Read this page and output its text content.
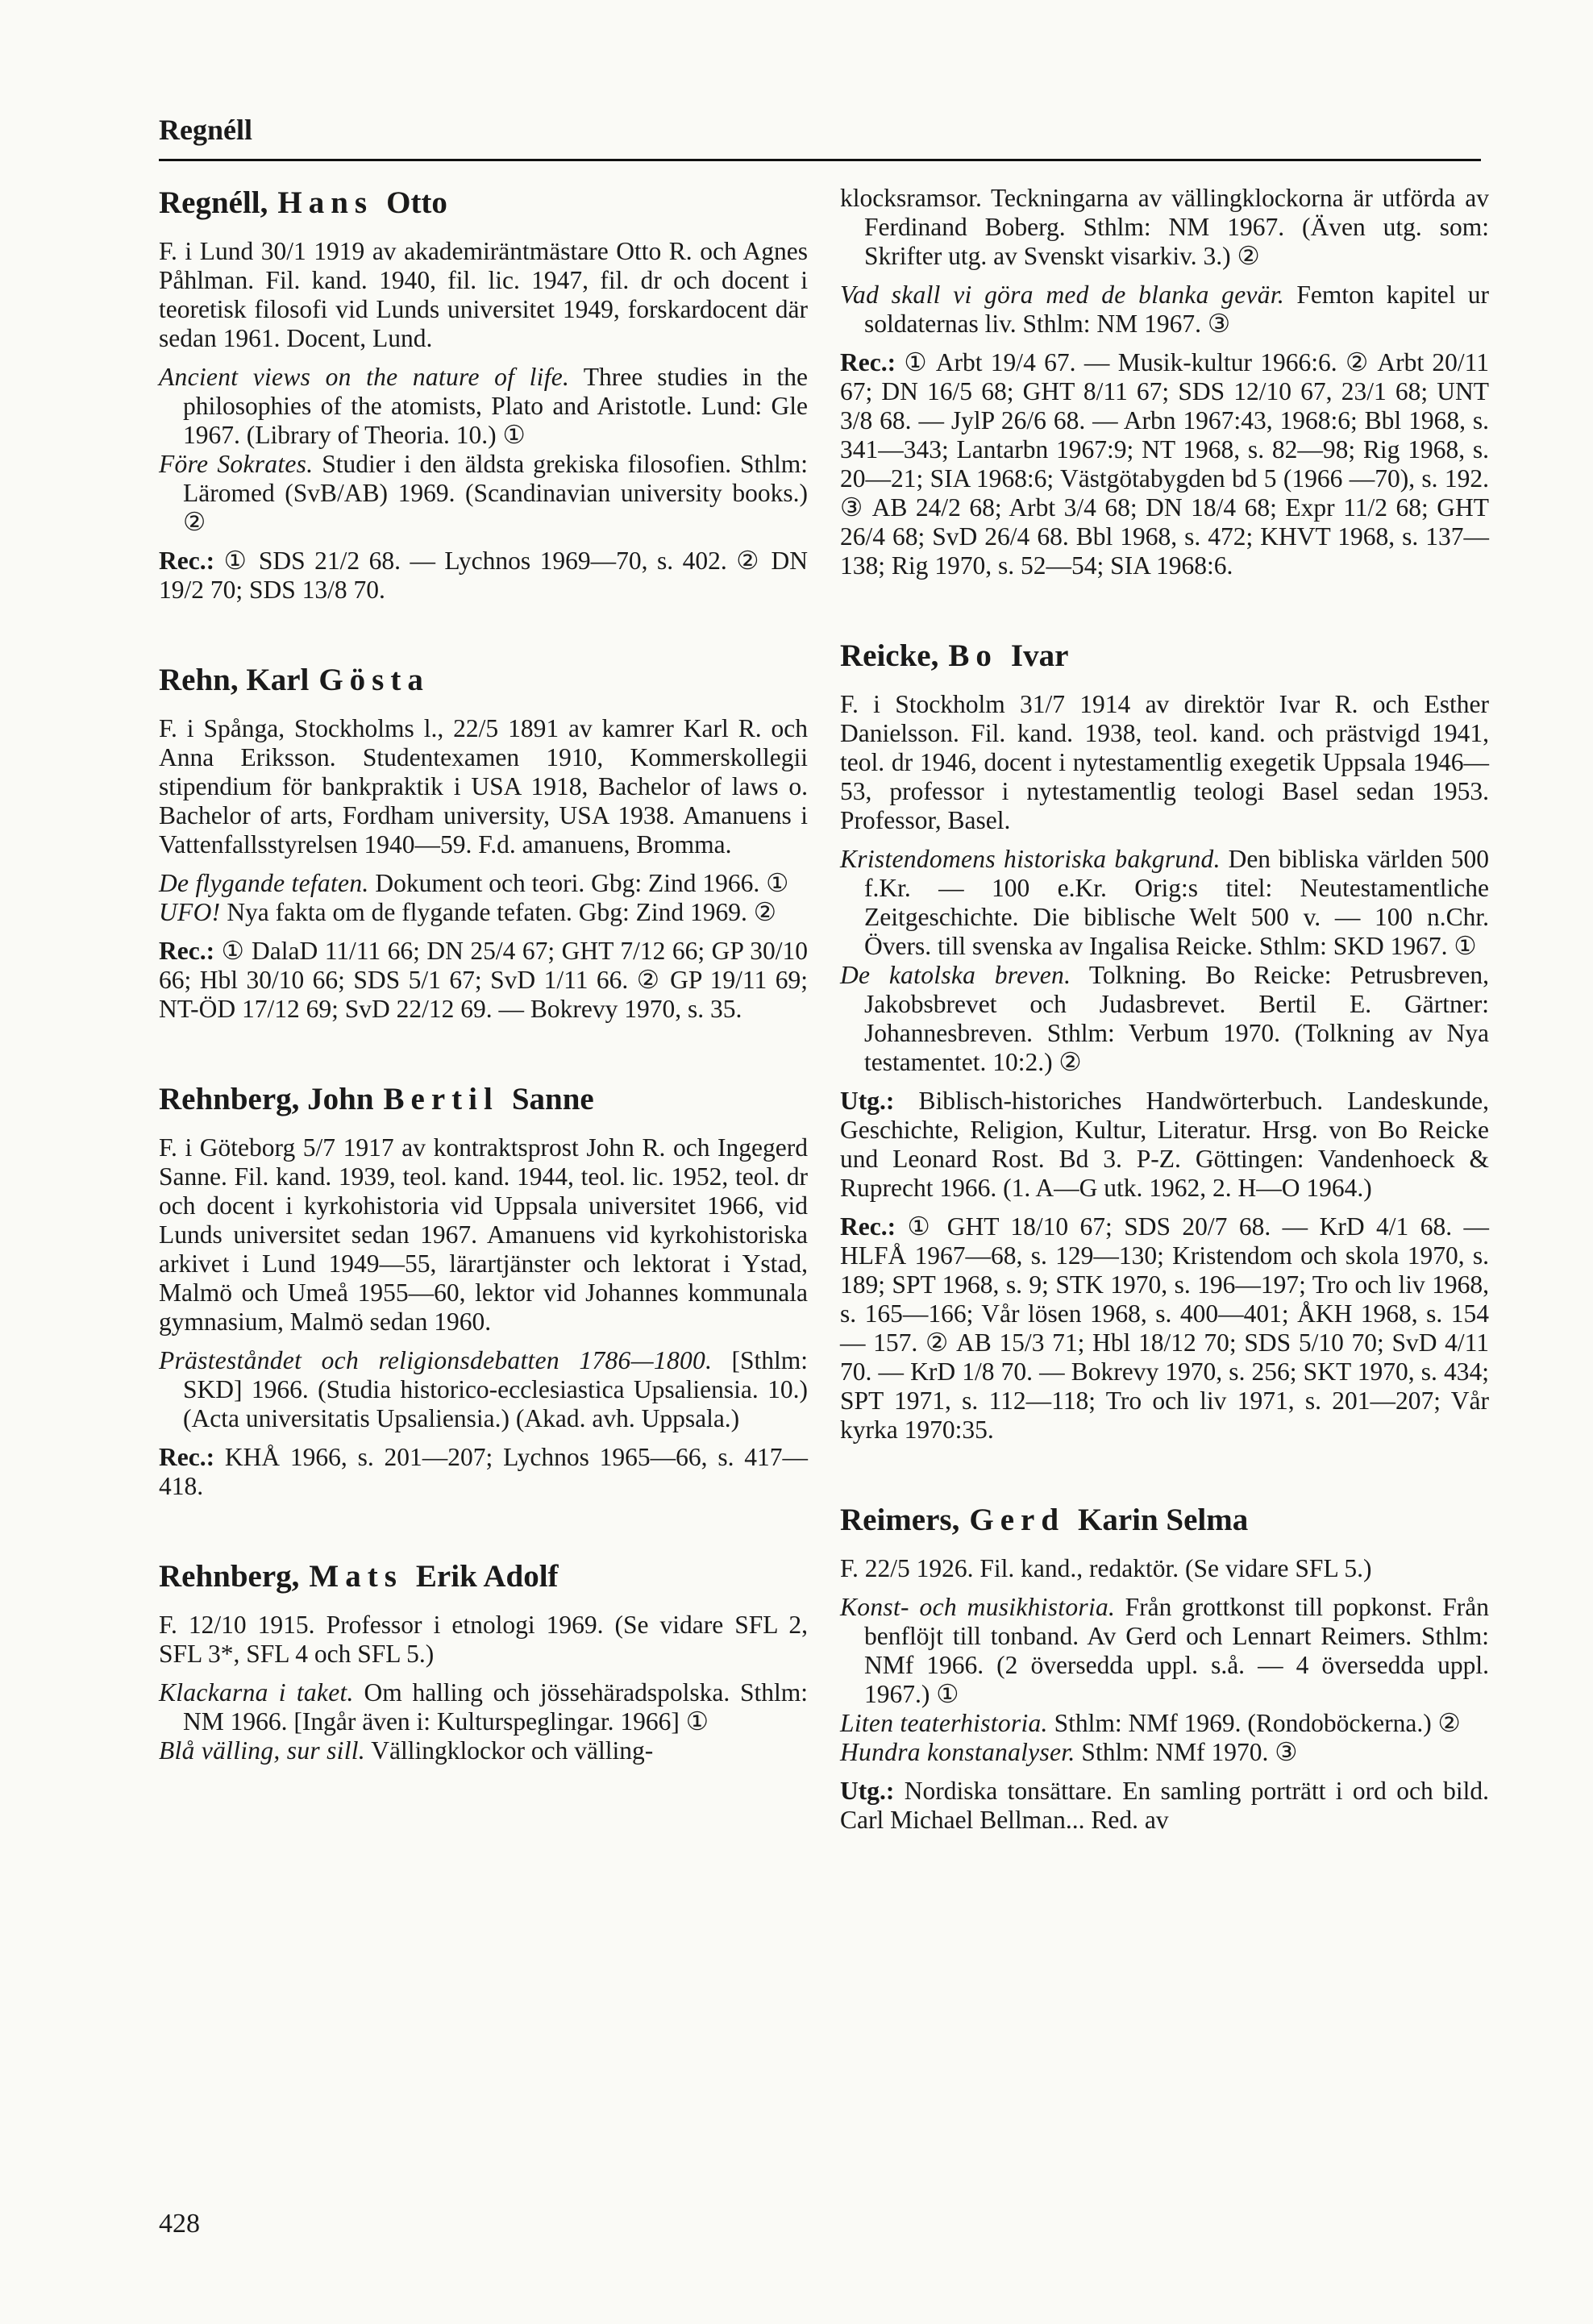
Regnéll
Regnéll, Hans Otto

F. i Lund 30/1 1919 av akademiräntmästare Otto R. och Agnes Påhlman. Fil. kand. 1940, fil. lic. 1947, fil. dr och docent i teoretisk filosofi vid Lunds universitet 1949, forskardocent där sedan 1961. Docent, Lund.

Ancient views on the nature of life. Three studies in the philosophies of the atomists, Plato and Aristotle. Lund: Gle 1967. (Library of Theoria. 10.) ①

Före Sokrates. Studier i den äldsta grekiska filosofien. Sthlm: Läromed (SvB/AB) 1969. (Scandinavian university books.) ②

Rec.: ① SDS 21/2 68. — Lychnos 1969—70, s. 402. ② DN 19/2 70; SDS 13/8 70.

Rehn, Karl Gösta

F. i Spånga, Stockholms l., 22/5 1891 av kamrer Karl R. och Anna Eriksson. Studentexamen 1910, Kommerskollegii stipendium för bankpraktik i USA 1918, Bachelor of laws o. Bachelor of arts, Fordham university, USA 1938. Amanuens i Vattenfallsstyrelsen 1940—59. F.d. amanuens, Bromma.

De flygande tefaten. Dokument och teori. Gbg: Zind 1966. ①

UFO! Nya fakta om de flygande tefaten. Gbg: Zind 1969. ②

Rec.: ① DalaD 11/11 66; DN 25/4 67; GHT 7/12 66; GP 30/10 66; Hbl 30/10 66; SDS 5/1 67; SvD 1/11 66. ② GP 19/11 69; NT-ÖD 17/12 69; SvD 22/12 69. — Bokrevy 1970, s. 35.

Rehnberg, John Bertil Sanne

F. i Göteborg 5/7 1917 av kontraktsprost John R. och Ingegerd Sanne. Fil. kand. 1939, teol. kand. 1944, teol. lic. 1952, teol. dr och docent i kyrkohistoria vid Uppsala universitet 1966, vid Lunds universitet sedan 1967. Amanuens vid kyrkohistoriska arkivet i Lund 1949—55, lärartjänster och lektorat i Ystad, Malmö och Umeå 1955—60, lektor vid Johannes kommunala gymnasium, Malmö sedan 1960.

Prästeståndet och religionsdebatten 1786—1800. [Sthlm: SKD] 1966. (Studia historico-ecclesiastica Upsaliensia. 10.) (Acta universitatis Upsaliensia.) (Akad. avh. Uppsala.)

Rec.: KHÅ 1966, s. 201—207; Lychnos 1965—66, s. 417—418.

Rehnberg, Mats Erik Adolf

F. 12/10 1915. Professor i etnologi 1969. (Se vidare SFL 2, SFL 3*, SFL 4 och SFL 5.)

Klackarna i taket. Om halling och jössehäradspolska. Sthlm: NM 1966. [Ingår även i: Kulturspeglingar. 1966] ①

Blå välling, sur sill. Vällingklockor och välling-

klocksramsor. Teckningarna av vällingklockorna är utförda av Ferdinand Boberg. Sthlm: NM 1967. (Även utg. som: Skrifter utg. av Svenskt visarkiv. 3.) ②

Vad skall vi göra med de blanka gevär. Femton kapitel ur soldaternas liv. Sthlm: NM 1967. ③

Rec.: ① Arbt 19/4 67. — Musik-kultur 1966:6. ② Arbt 20/11 67; DN 16/5 68; GHT 8/11 67; SDS 12/10 67, 23/1 68; UNT 3/8 68. — JylP 26/6 68. — Arbn 1967:43, 1968:6; Bbl 1968, s. 341—343; Lantarbn 1967:9; NT 1968, s. 82—98; Rig 1968, s. 20—21; SIA 1968:6; Västgötabygden bd 5 (1966 —70), s. 192. ③ AB 24/2 68; Arbt 3/4 68; DN 18/4 68; Expr 11/2 68; GHT 26/4 68; SvD 26/4 68. Bbl 1968, s. 472; KHVT 1968, s. 137—138; Rig 1970, s. 52—54; SIA 1968:6.

Reicke, Bo Ivar

F. i Stockholm 31/7 1914 av direktör Ivar R. och Esther Danielsson. Fil. kand. 1938, teol. kand. och prästvigd 1941, teol. dr 1946, docent i nytestamentlig exegetik Uppsala 1946—53, professor i nytestamentlig teologi Basel sedan 1953. Professor, Basel.

Kristendomens historiska bakgrund. Den bibliska världen 500 f.Kr. — 100 e.Kr. Orig:s titel: Neutestamentliche Zeitgeschichte. Die biblische Welt 500 v. — 100 n.Chr. Övers. till svenska av Ingalisa Reicke. Sthlm: SKD 1967. ①

De katolska breven. Tolkning. Bo Reicke: Petrusbreven, Jakobsbrevet och Judasbrevet. Bertil E. Gärtner: Johannesbreven. Sthlm: Verbum 1970. (Tolkning av Nya testamentet. 10:2.) ②

Utg.: Biblisch-historiches Handwörterbuch. Landeskunde, Geschichte, Religion, Kultur, Literatur. Hrsg. von Bo Reicke und Leonard Rost. Bd 3. P-Z. Göttingen: Vandenhoeck & Ruprecht 1966. (1. A—G utk. 1962, 2. H—O 1964.)

Rec.: ① GHT 18/10 67; SDS 20/7 68. — KrD 4/1 68. — HLFÅ 1967—68, s. 129—130; Kristendom och skola 1970, s. 189; SPT 1968, s. 9; STK 1970, s. 196—197; Tro och liv 1968, s. 165—166; Vår lösen 1968, s. 400—401; ÅKH 1968, s. 154— 157. ② AB 15/3 71; Hbl 18/12 70; SDS 5/10 70; SvD 4/11 70. — KrD 1/8 70. — Bokrevy 1970, s. 256; SKT 1970, s. 434; SPT 1971, s. 112—118; Tro och liv 1971, s. 201—207; Vår kyrka 1970:35.

Reimers, Gerd Karin Selma

F. 22/5 1926. Fil. kand., redaktör. (Se vidare SFL 5.)

Konst- och musikhistoria. Från grottkonst till popkonst. Från benflöjt till tonband. Av Gerd och Lennart Reimers. Sthlm: NMf 1966. (2 översedda uppl. s.å. — 4 översedda uppl. 1967.) ①

Liten teaterhistoria. Sthlm: NMf 1969. (Rondoböckerna.) ②

Hundra konstanalyser. Sthlm: NMf 1970. ③

Utg.: Nordiska tonsättare. En samling porträtt i ord och bild. Carl Michael Bellman... Red. av

428
